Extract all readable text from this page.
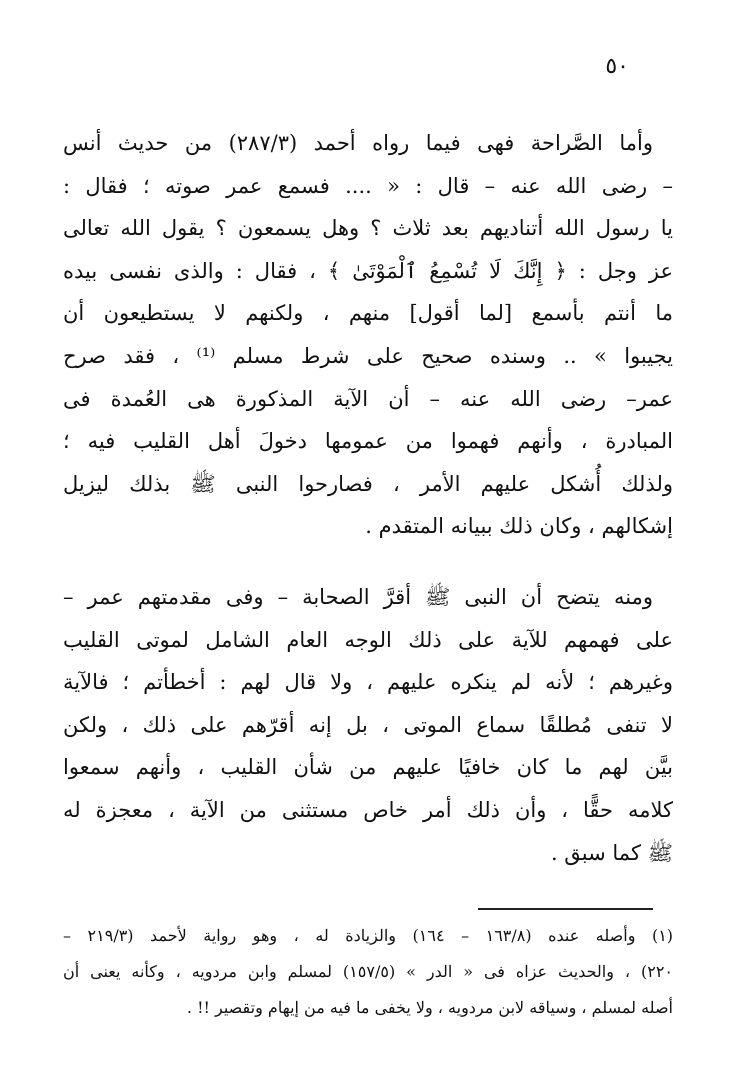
٥٠
وأما الصَّراحة فهى فيما رواه أحمد (٢٨٧/٣) من حديث أنس
– رضى الله عنه – قال : « .... فسمع عمر صوته ؛ فقال :
يا رسول الله أتناديهم بعد ثلاث ؟ وهل يسمعون ؟ يقول الله تعالى
عز وجل : ﴿ إِنَّكَ لَا تُسْمِعُ ٱلْمَوْتَىٰ ﴾ ، فقال : والذى نفسى بيده
ما أنتم بأسمع [لما أقول] منهم ، ولكنهم لا يستطيعون أن
يجيبوا » .. وسنده صحيح على شرط مسلم ⁽¹⁾ ، فقد صرح
عمر– رضى الله عنه – أن الآية المذكورة هى العُمدة فى
المبادرة ، وأنهم فهموا من عمومها دخولَ أهل القليب فيه ؛
ولذلك أُشكل عليهم الأمر ، فصارحوا النبى ﷺ بذلك ليزيل
إشكالهم ، وكان ذلك ببيانه المتقدم .
ومنه يتضح أن النبى ﷺ أقرَّ الصحابة – وفى مقدمتهم عمر –
على فهمهم للآية على ذلك الوجه العام الشامل لموتى القليب
وغيرهم ؛ لأنه لم ينكره عليهم ، ولا قال لهم : أخطأتم ؛ فالآية
لا تنفى مُطلقًا سماع الموتى ، بل إنه أقرّهم على ذلك ، ولكن
بيَّن لهم ما كان خافيًا عليهم من شأن القليب ، وأنهم سمعوا
كلامه حقًّا ، وأن ذلك أمر خاص مستثنى من الآية ، معجزة له
ﷺ كما سبق .
(١) وأصله عنده (١٦٣/٨ – ١٦٤) والزيادة له ، وهو رواية لأحمد (٢١٩/٣ –
٢٢٠) ، والحديث عزاه فى « الدر » (١٥٧/٥) لمسلم وابن مردويه ، وكأنه يعنى أن
أصله لمسلم ، وسياقه لابن مردويه ، ولا يخفى ما فيه من إيهام وتقصير !! .
